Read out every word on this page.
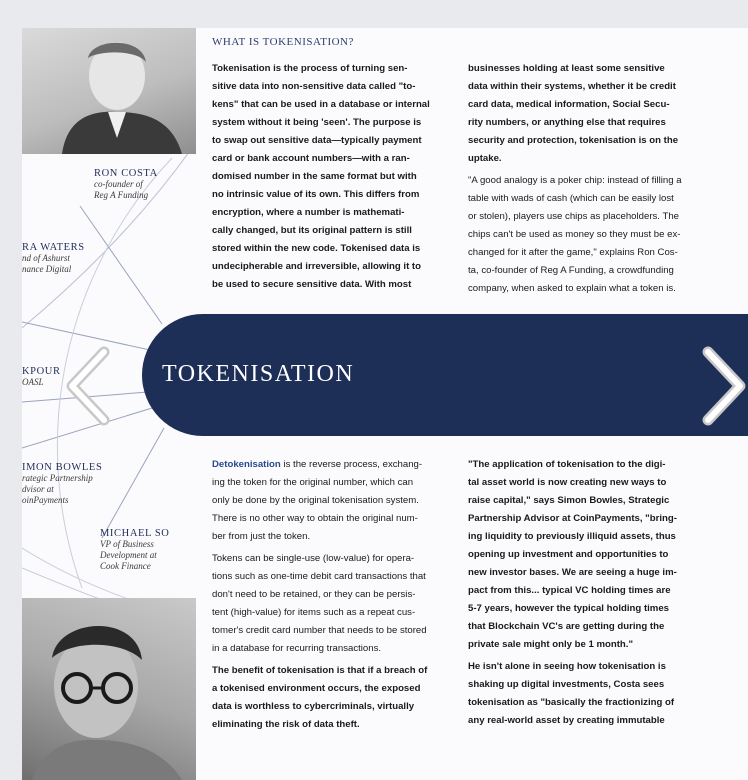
RON COSTA
co-founder of
Reg A Funding
RA WATERS
nd of Ashurst
nance Digital
KPOUR
OASL
IMON BOWLES
rategic Partnership
dvisor at
oinPayments
MICHAEL SO
VP of Business
Development at
Cook Finance
WHAT IS TOKENISATION?
Tokenisation is the process of turning sen-
sitive data into non-sensitive data called "to-
kens" that can be used in a database or internal
system without it being 'seen'. The purpose is
to swap out sensitive data—typically payment
card or bank account numbers—with a ran-
domised number in the same format but with
no intrinsic value of its own. This differs from
encryption, where a number is mathemati-
cally changed, but its original pattern is still
stored within the new code. Tokenised data is
undecipherable and irreversible, allowing it to
be used to secure sensitive data. With most
businesses holding at least some sensitive
data within their systems, whether it be credit
card data, medical information, Social Secu-
rity numbers, or anything else that requires
security and protection, tokenisation is on the
uptake.
"A good analogy is a poker chip: instead of filling a
table with wads of cash (which can be easily lost
or stolen), players use chips as placeholders. The
chips can't be used as money so they must be ex-
changed for it after the game," explains Ron Cos-
ta, co-founder of Reg A Funding, a crowdfunding
company, when asked to explain what a token is.
TOKENISATION
Detokenisation is the reverse process, exchang-
ing the token for the original number, which can
only be done by the original tokenisation system.
There is no other way to obtain the original num-
ber from just the token.
Tokens can be single-use (low-value) for opera-
tions such as one-time debit card transactions that
don't need to be retained, or they can be persis-
tent (high-value) for items such as a repeat cus-
tomer's credit card number that needs to be stored
in a database for recurring transactions.
The benefit of tokenisation is that if a breach of
a tokenised environment occurs, the exposed
data is worthless to cybercriminals, virtually
eliminating the risk of data theft.
"The application of tokenisation to the digi-
tal asset world is now creating new ways to
raise capital," says Simon Bowles, Strategic
Partnership Advisor at CoinPayments, "bring-
ing liquidity to previously illiquid assets, thus
opening up investment and opportunities to
new investor bases. We are seeing a huge im-
pact from this... typical VC holding times are
5-7 years, however the typical holding times
that Blockchain VC's are getting during the
private sale might only be 1 month."
He isn't alone in seeing how tokenisation is
shaking up digital investments, Costa sees
tokenisation as "basically the fractionizing of
any real-world asset by creating immutable
